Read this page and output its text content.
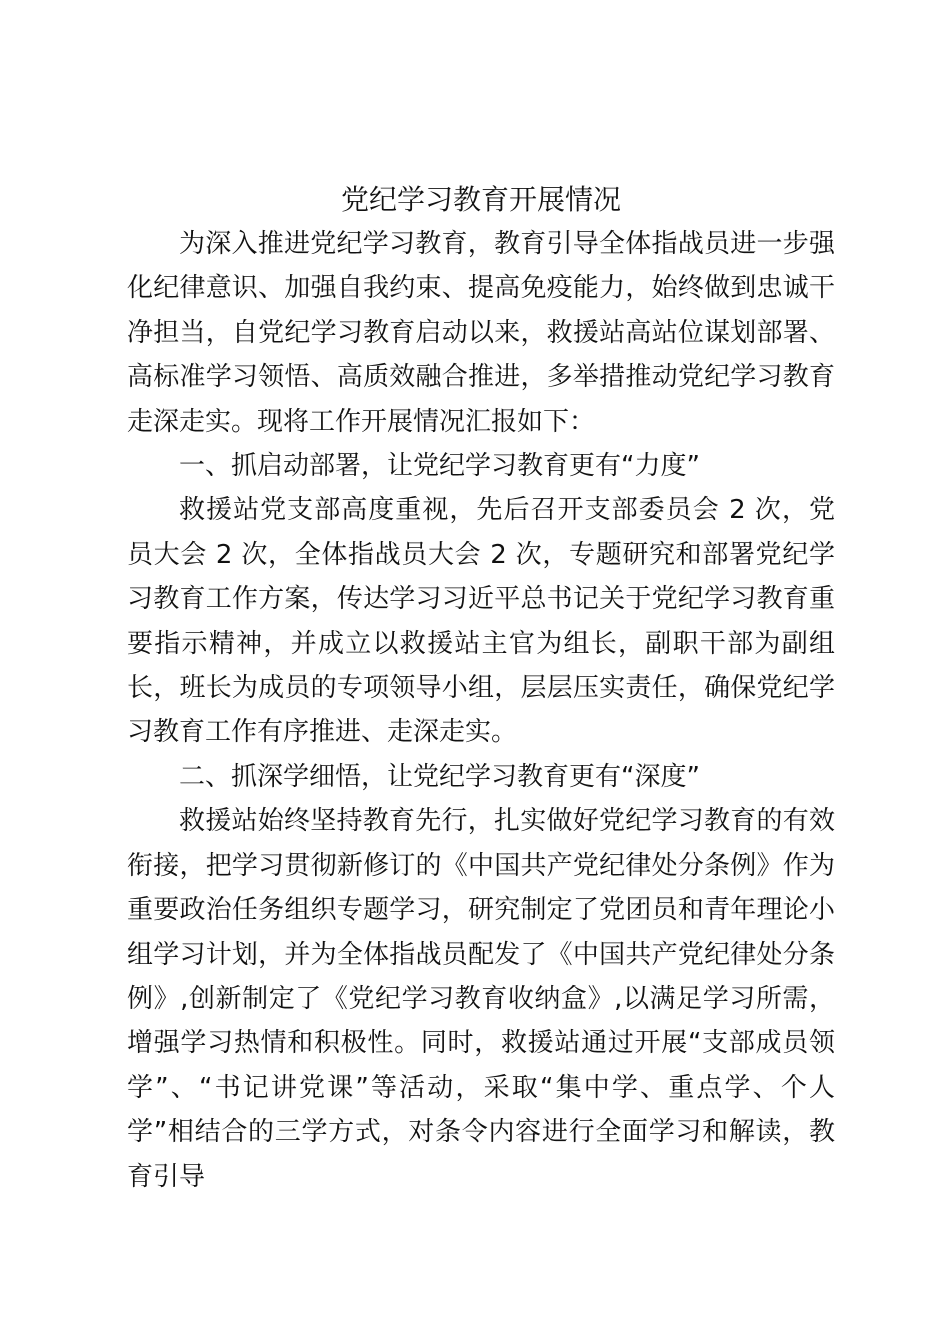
党纪学习教育开展情况

为深入推进党纪学习教育，教育引导全体指战员进一步强化纪律意识、加强自我约束、提高免疫能力，始终做到忠诚干净担当，自党纪学习教育启动以来，救援站高站位谋划部署、高标准学习领悟、高质效融合推进，多举措推动党纪学习教育走深走实。现将工作开展情况汇报如下：

一、抓启动部署，让党纪学习教育更有“力度”

救援站党支部高度重视，先后召开支部委员会 2 次，党员大会 2 次，全体指战员大会 2 次，专题研究和部署党纪学习教育工作方案，传达学习习近平总书记关于党纪学习教育重要指示精神，并成立以救援站主官为组长，副职干部为副组长，班长为成员的专项领导小组，层层压实责任，确保党纪学习教育工作有序推进、走深走实。

二、抓深学细悟，让党纪学习教育更有“深度”

救援站始终坚持教育先行，扎实做好党纪学习教育的有效衔接，把学习贯彻新修订的《中国共产党纪律处分条例》作为重要政治任务组织专题学习，研究制定了党团员和青年理论小组学习计划，并为全体指战员配发了《中国共产党纪律处分条例》,创新制定了《党纪学习教育收纳盒》,以满足学习所需，增强学习热情和积极性。同时，救援站通过开展“支部成员领学”、“书记讲党课”等活动，采取“集中学、重点学、个人学”相结合的三学方式，对条令内容进行全面学习和解读，教育引导
